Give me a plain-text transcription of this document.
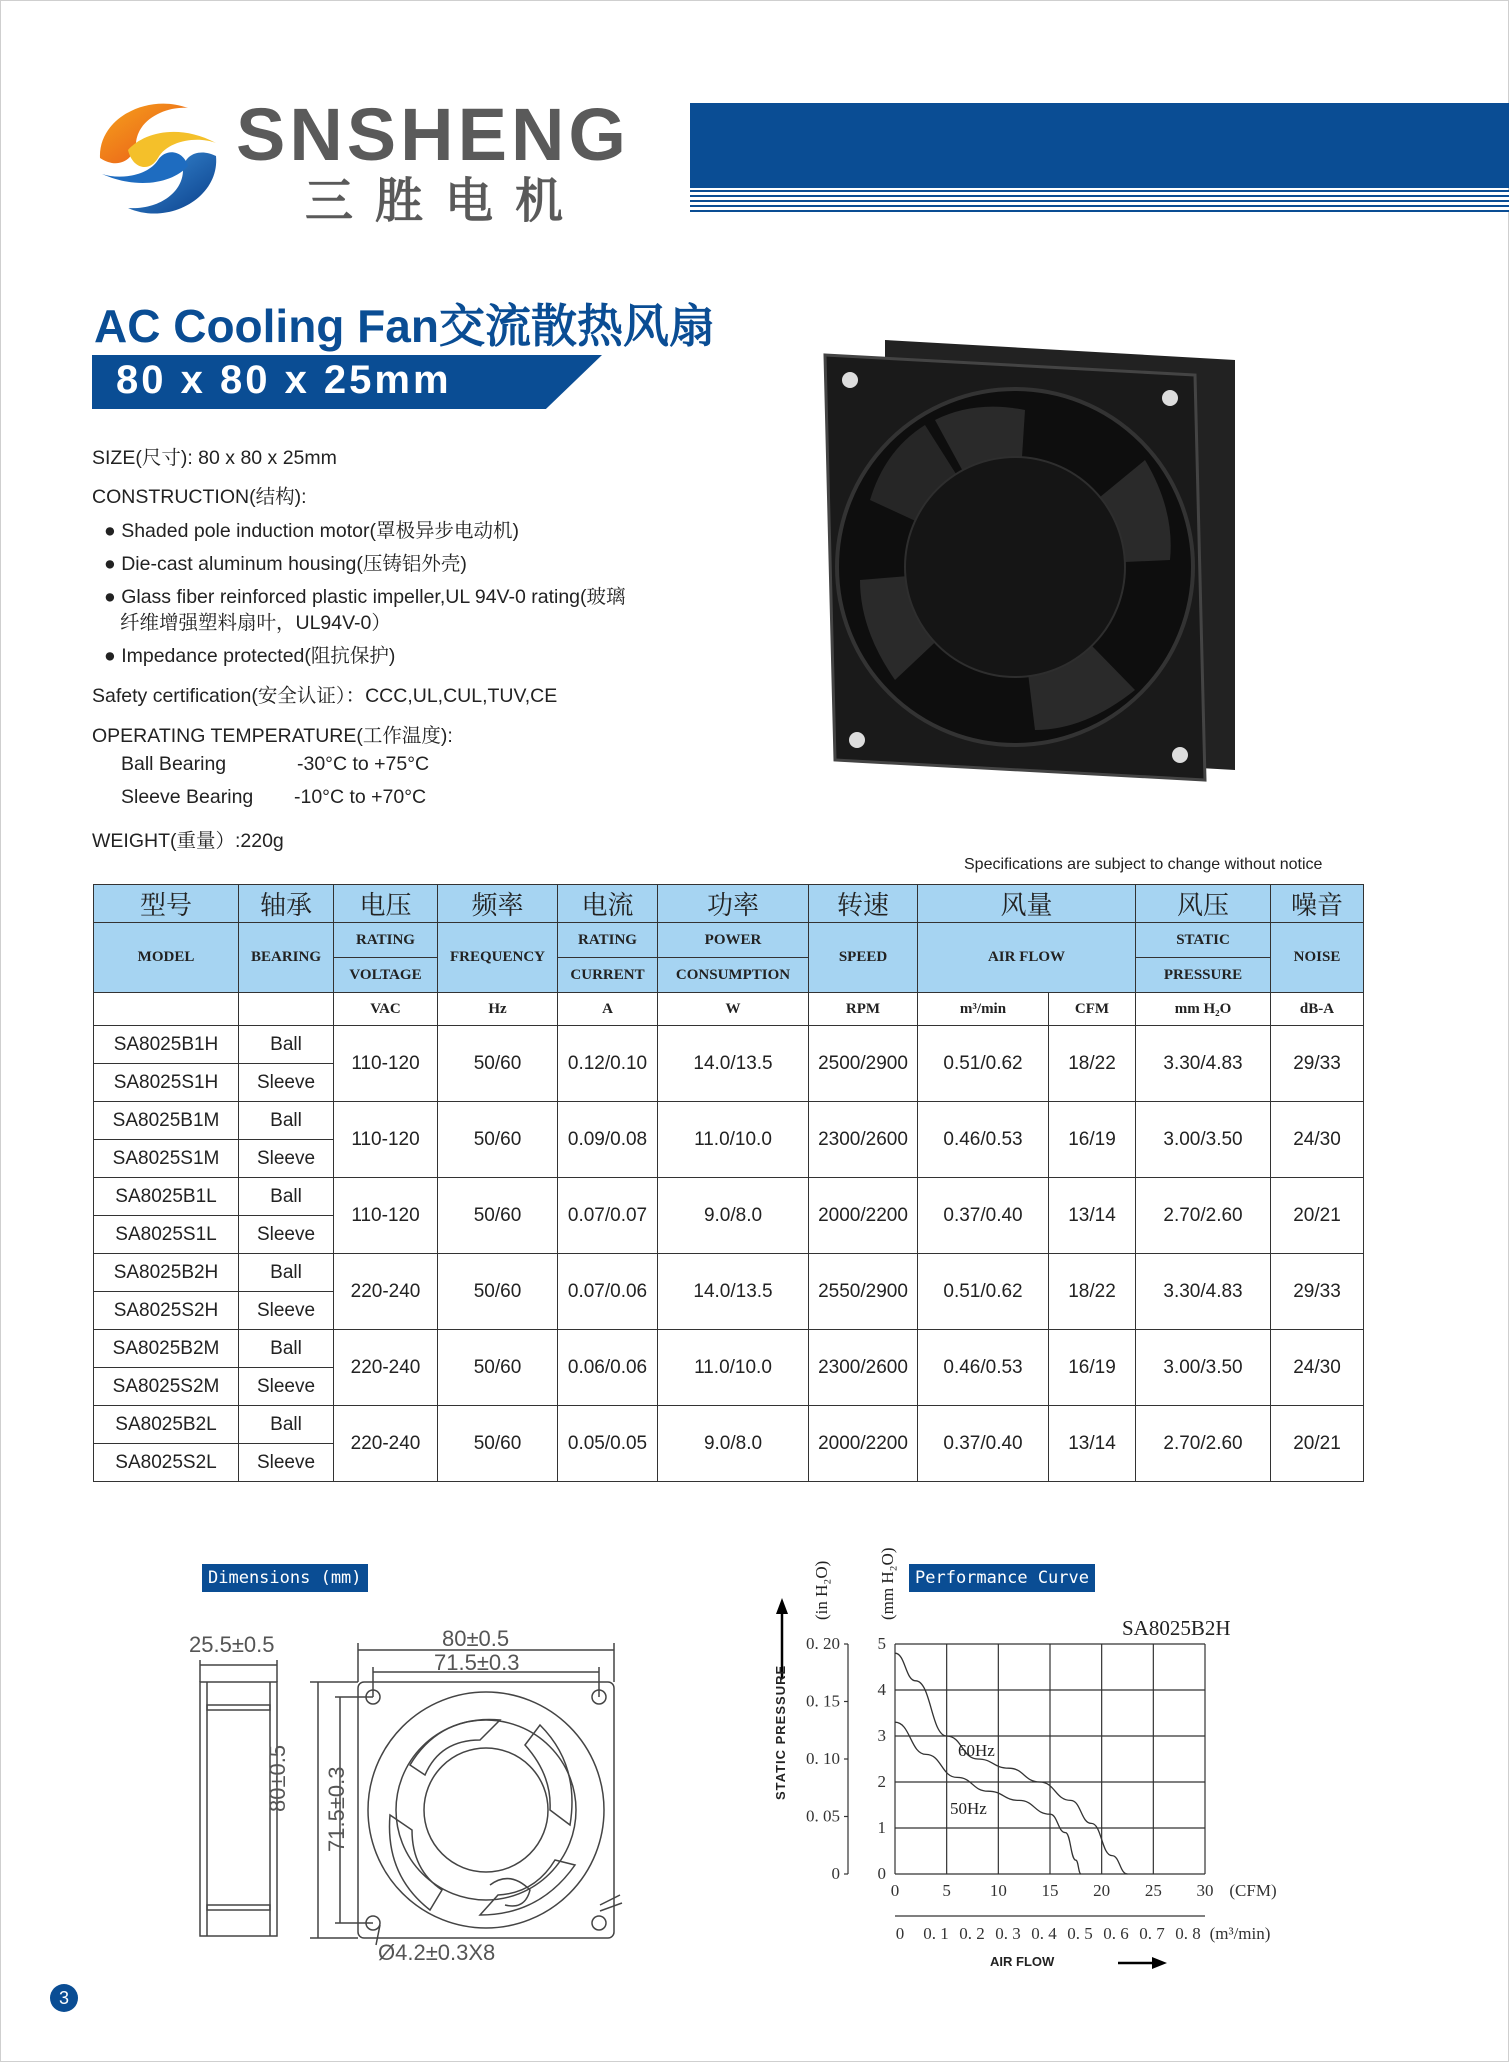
SNSHENG
三胜电机
AC Cooling Fan交流散热风扇
80 x 80 x 25mm
SIZE(尺寸): 80 x 80 x 25mm
CONSTRUCTION(结构):
● Shaded pole induction motor(罩极异步电动机)
● Die-cast aluminum housing(压铸铝外壳)
● Glass fiber reinforced plastic impeller,UL 94V-0 rating(玻璃
纤维增强塑料扇叶，UL94V-0）
● Impedance protected(阻抗保护)
Safety certification(安全认证）：CCC,UL,CUL,TUV,CE
OPERATING TEMPERATURE(工作温度):
Ball Bearing	-30°C to +75°C
Sleeve Bearing -10°C to +70°C
WEIGHT(重量）:220g
Specifications are subject to change without notice
型号	轴承	电压	频率	电流	功率	转速	风量		风压	噪音
MODEL	BEARING	RATING	FREQUENCY	RATING	POWER	SPEED	AIR FLOW		STATIC	NOISE
		VOLTAGE		CURRENT	CONSUMPTION				PRESSURE	
		VAC	Hz	A	W	RPM	m³/min	CFM	mm H₂O	dB-A
SA8025B1H	Ball	110-120	50/60	0.12/0.10	14.0/13.5	2500/2900	0.51/0.62	18/22	3.30/4.83	29/33
SA8025S1H	Sleeve									
SA8025B1M	Ball	110-120	50/60	0.09/0.08	11.0/10.0	2300/2600	0.46/0.53	16/19	3.00/3.50	24/30
SA8025S1M	Sleeve									
SA8025B1L	Ball	110-120	50/60	0.07/0.07	9.0/8.0	2000/2200	0.37/0.40	13/14	2.70/2.60	20/21
SA8025S1L	Sleeve									
SA8025B2H	Ball	220-240	50/60	0.07/0.06	14.0/13.5	2550/2900	0.51/0.62	18/22	3.30/4.83	29/33
SA8025S2H	Sleeve									
SA8025B2M	Ball	220-240	50/60	0.06/0.06	11.0/10.0	2300/2600	0.46/0.53	16/19	3.00/3.50	24/30
SA8025S2M	Sleeve									
SA8025B2L	Ball	220-240	50/60	0.05/0.05	9.0/8.0	2000/2200	0.37/0.40	13/14	2.70/2.60	20/21
SA8025S2L	Sleeve									
Dimensions (mm)
25.5±0.5	80±0.5
71.5±0.3
80±0.5 71.5±0.3
Ø4.2±0.3X8
Performance Curve
SA8025B2H
0. 20
0. 15
0. 10
0. 05
0
5
4
3
2
1
0
0	5 10 15 20 25 30 (CFM)
0 0. 1 0. 2 0. 3 0. 4 0. 5 0. 6 0. 7 0. 8 (m³/min)
(in H₂O)	(mm H₂O)
STATIC PRESSURE
AIR FLOW
60Hz
50Hz
3
